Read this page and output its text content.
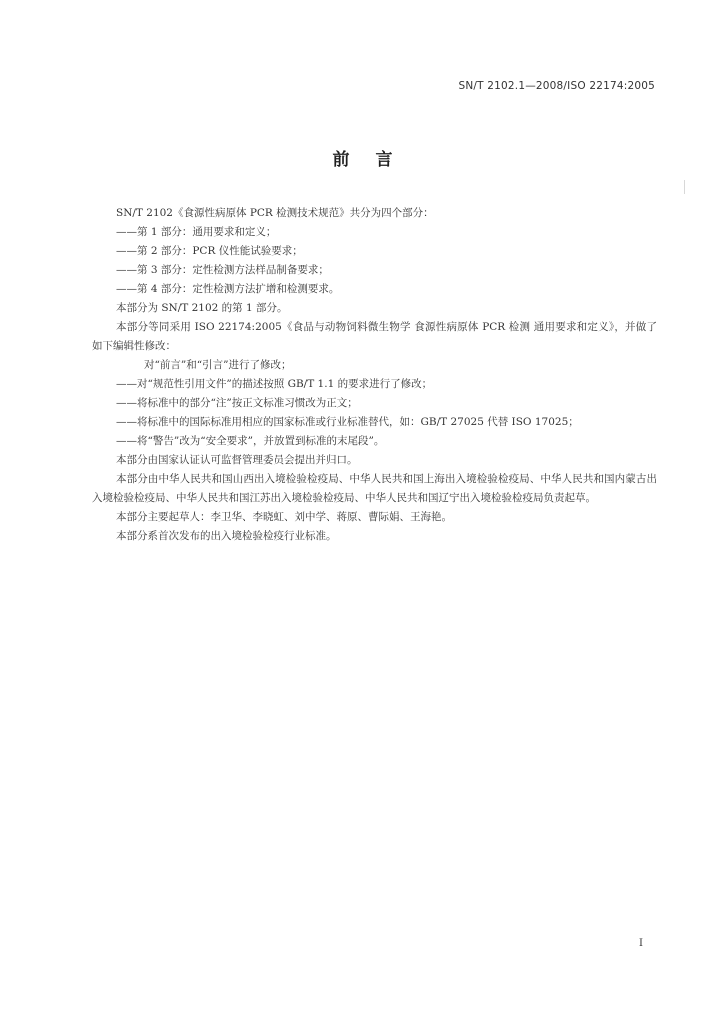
SN/T 2102.1—2008/ISO 22174:2005
前言
SN/T 2102《食源性病原体 PCR 检测技术规范》共分为四个部分：
——第 1 部分：通用要求和定义；
——第 2 部分：PCR 仪性能试验要求；
——第 3 部分：定性检测方法样品制备要求；
——第 4 部分：定性检测方法扩增和检测要求。
本部分为 SN/T 2102 的第 1 部分。
本部分等同采用 ISO 22174:2005《食品与动物饲料微生物学 食源性病原体 PCR 检测 通用要求和定义》，并做了如下编辑性修改：
对“前言”和“引言”进行了修改；
——对“规范性引用文件”的描述按照 GB/T 1.1 的要求进行了修改；
——将标准中的部分“注”按正文标准习惯改为正文；
——将标准中的国际标准用相应的国家标准或行业标准替代，如：GB/T 27025 代替 ISO 17025；
——将“警告”改为“安全要求”，并放置到标准的末尾段”。
本部分由国家认证认可监督管理委员会提出并归口。
本部分由中华人民共和国山西出入境检验检疫局、中华人民共和国上海出入境检验检疫局、中华人民共和国内蒙古出入境检验检疫局、中华人民共和国江苏出入境检验检疫局、中华人民共和国辽宁出入境检验检疫局负责起草。
本部分主要起草人：李卫华、李晓虹、刘中学、蒋原、曹际娟、王海艳。
本部分系首次发布的出入境检验检疫行业标准。
I
